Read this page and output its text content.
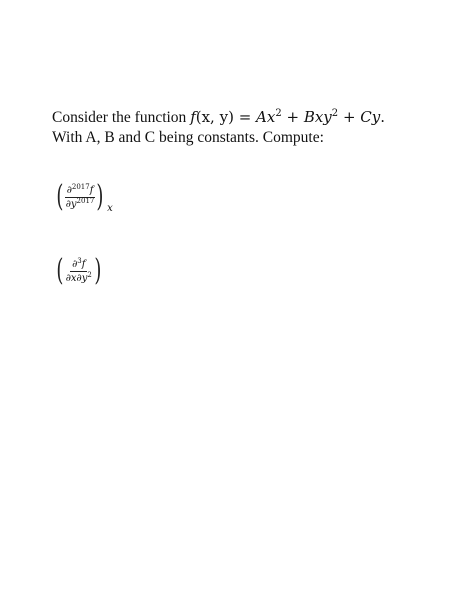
Consider the function f(x, $y) = Ax^2 + Bxy^2 + Cy$.
With A, B and C being constants. Compute:
( $\frac{\partial^{2017}f}{\partial y^{2017}}$ ) x
( $\frac{\partial^3f}{\partial x\partial y^2}$ )
